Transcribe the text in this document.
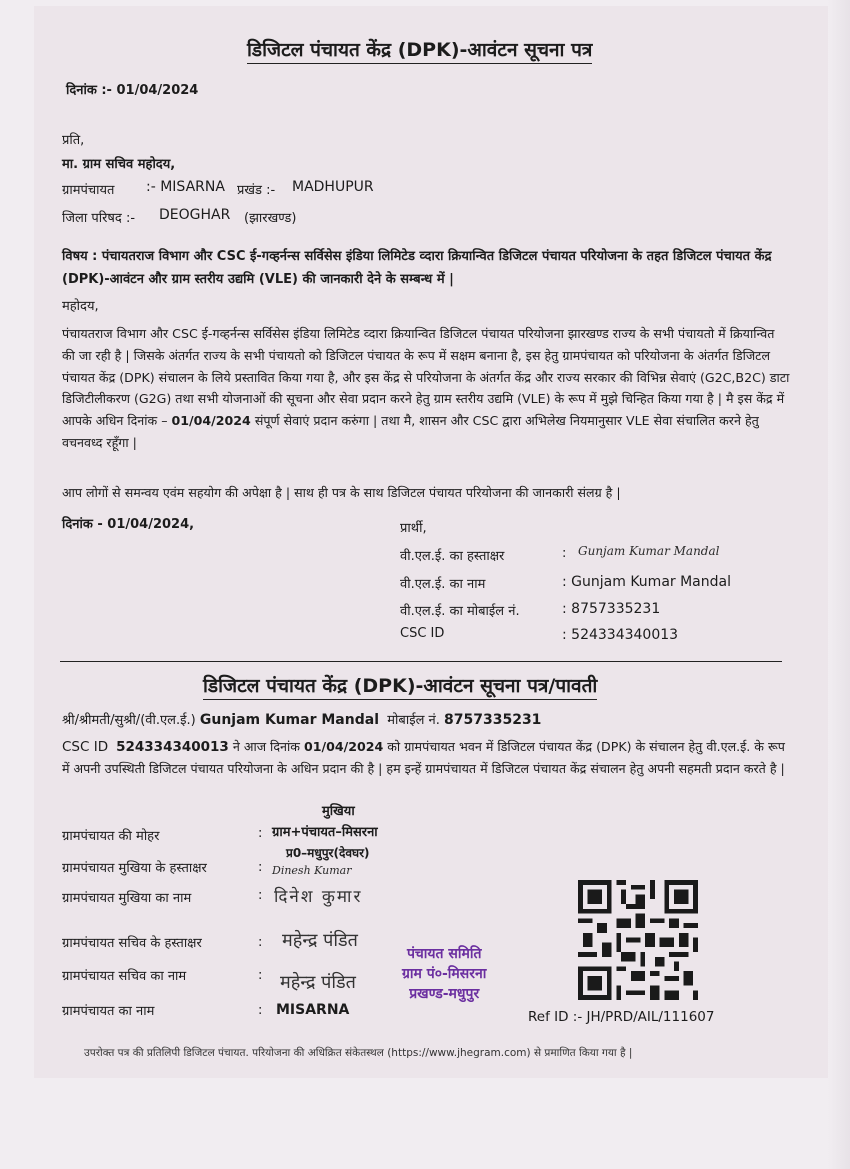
डिजिटल पंचायत केंद्र (DPK)-आवंटन सूचना पत्र
दिनांक :- 01/04/2024
प्रति,
मा. ग्राम सचिव महोदय,
ग्रामपंचायत :- MISARNA प्रखंड :- MADHUPUR
जिला परिषद :- DEOGHAR (झारखण्ड)
विषय : पंचायतराज विभाग और CSC ई-गव्हर्नन्स सर्विसेस इंडिया लिमिटेड व्दारा क्रियान्वित डिजिटल पंचायत परियोजना के तहत डिजिटल पंचायत केंद्र (DPK)-आवंटन और ग्राम स्तरीय उद्यमि (VLE) की जानकारी देने के सम्बन्ध में |
महोदय,
पंचायतराज विभाग और CSC ई-गव्हर्नन्स सर्विसेस इंडिया लिमिटेड व्दारा क्रियान्वित डिजिटल पंचायत परियोजना झारखण्ड राज्य के सभी पंचायतो में क्रियान्वित की जा रही है | जिसके अंतर्गत राज्य के सभी पंचायतो को डिजिटल पंचायत के रूप में सक्षम बनाना है, इस हेतु ग्रामपंचायत को परियोजना के अंतर्गत डिजिटल पंचायत केंद्र (DPK) संचालन के लिये प्रस्तावित किया गया है, और इस केंद्र से परियोजना के अंतर्गत केंद्र और राज्य सरकार की विभिन्न सेवाएं (G2C,B2C) डाटा डिजिटीलीकरण (G2G) तथा सभी योजनाओं की सूचना और सेवा प्रदान करने हेतु ग्राम स्तरीय उद्यमि (VLE) के रूप में मुझे चिन्हित किया गया है | मै इस केंद्र में आपके अधिन दिनांक – 01/04/2024 संपूर्ण सेवाएं प्रदान करुंगा | तथा मै, शासन और CSC द्वारा अभिलेख नियमानुसार VLE सेवा संचालित करने हेतु वचनवध्द रहूँगा |
आप लोगों से समन्वय एवंम सहयोग की अपेक्षा है | साथ ही पत्र के साथ डिजिटल पंचायत परियोजना की जानकारी संलग्र है |
दिनांक - 01/04/2024,	प्रार्थी,
वी.एल.ई. का हस्ताक्षर	: Gunjam Kumar Mandal
वी.एल.ई. का नाम	: Gunjam Kumar Mandal
वी.एल.ई. का मोबाईल नं.	: 8757335231
CSC ID	: 524334340013
डिजिटल पंचायत केंद्र (DPK)-आवंटन सूचना पत्र/पावती
श्री/श्रीमती/सुश्री/(वी.एल.ई.) Gunjam Kumar Mandal मोबाईल नं. 8757335231
CSC ID 524334340013 ने आज दिनांक 01/04/2024 को ग्रामपंचायत भवन में डिजिटल पंचायत केंद्र (DPK) के संचालन हेतु वी.एल.ई. के रूप में अपनी उपस्थिती डिजिटल पंचायत परियोजना के अधिन प्रदान की है | हम इन्हें ग्रामपंचायत में डिजिटल पंचायत केंद्र संचालन हेतु अपनी सहमती प्रदान करते है |
मुखिया
ग्रामपंचायत की मोहर	: ग्राम+पंचायत–मिसरना
प्र0–मधुपुर(देवघर)
ग्रामपंचायत मुखिया के हस्ताक्षर	: Dinesh Kumar
ग्रामपंचायत मुखिया का नाम	: दिनेश कुमार
ग्रामपंचायत सचिव के हस्ताक्षर	: महेन्द्र पंडित
ग्रामपंचायत सचिव का नाम	: महेन्द्र पंडित
ग्रामपंचायत का नाम	: MISARNA
पंचायत समिति
ग्राम पं०-मिसरना
प्रखण्ड-मधुपुर
Ref ID :- JH/PRD/AIL/111607
उपरोक्त पत्र की प्रतिलिपी डिजिटल पंचायत. परियोजना की अधिक्रित संकेतस्थल (https://www.jhegram.com) से प्रमाणित किया गया है |
